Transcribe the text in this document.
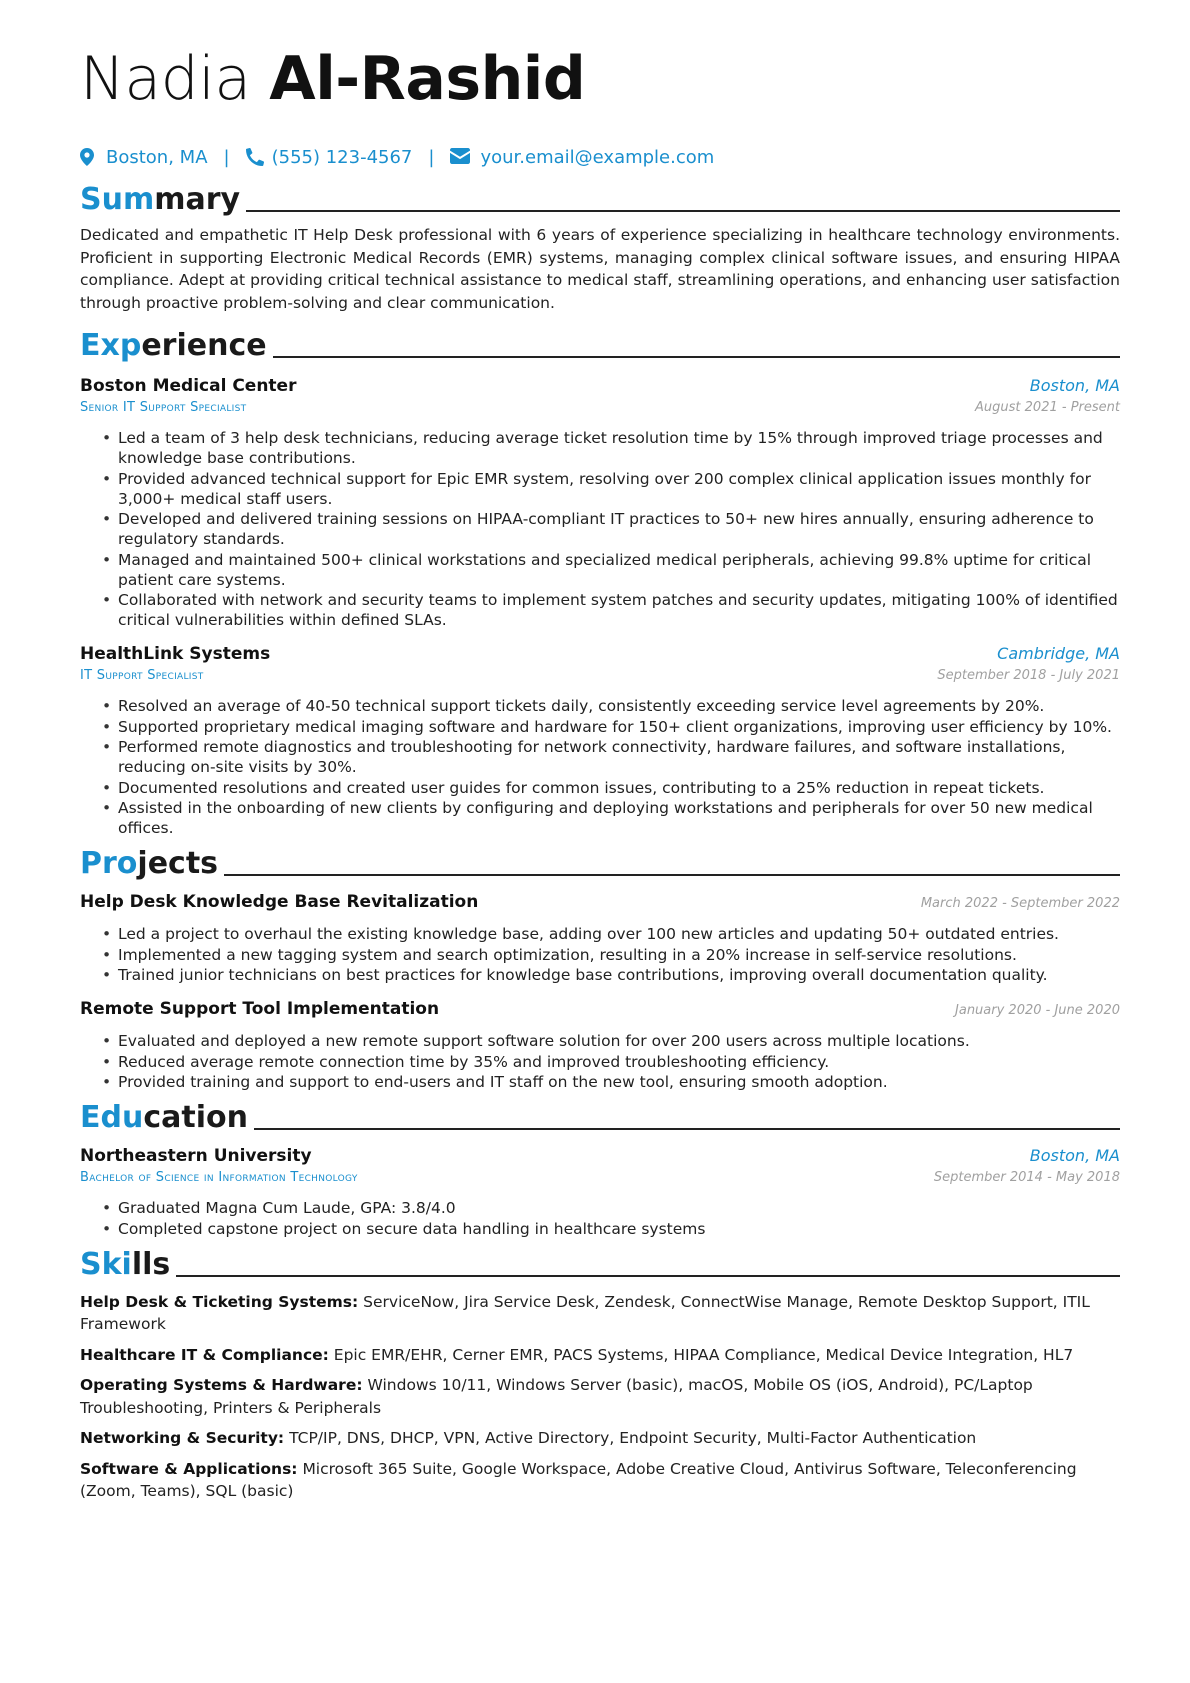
Nadia Al-Rashid
Boston, MA | (555) 123-4567 |	your.email@example.com
Summary
Dedicated and empathetic IT Help Desk professional with 6 years of experience specializing in healthcare technology environments. Proficient in supporting Electronic Medical Records (EMR) systems, managing complex clinical software issues, and ensuring HIPAA compliance. Adept at providing critical technical assistance to medical staff, streamlining operations, and enhancing user satisfaction through proactive problem-solving and clear communication.
Experience
Boston Medical Center	Boston, MA
Senior IT Support Specialist	August 2021 - Present
• Led a team of 3 help desk technicians, reducing average ticket resolution time by 15% through improved triage processes and knowledge base contributions.
• Provided advanced technical support for Epic EMR system, resolving over 200 complex clinical application issues monthly for 3,000+ medical staff users.
• Developed and delivered training sessions on HIPAA-compliant IT practices to 50+ new hires annually, ensuring adherence to regulatory standards.
• Managed and maintained 500+ clinical workstations and specialized medical peripherals, achieving 99.8% uptime for critical patient care systems.
• Collaborated with network and security teams to implement system patches and security updates, mitigating 100% of identified critical vulnerabilities within defined SLAs.
HealthLink Systems	Cambridge, MA
IT Support Specialist	September 2018 - July 2021
• Resolved an average of 40-50 technical support tickets daily, consistently exceeding service level agreements by 20%.
• Supported proprietary medical imaging software and hardware for 150+ client organizations, improving user efficiency by 10%.
• Performed remote diagnostics and troubleshooting for network connectivity, hardware failures, and software installations, reducing on-site visits by 30%.
• Documented resolutions and created user guides for common issues, contributing to a 25% reduction in repeat tickets.
• Assisted in the onboarding of new clients by configuring and deploying workstations and peripherals for over 50 new medical offices.
Projects
Help Desk Knowledge Base Revitalization	March 2022 - September 2022
• Led a project to overhaul the existing knowledge base, adding over 100 new articles and updating 50+ outdated entries.
• Implemented a new tagging system and search optimization, resulting in a 20% increase in self-service resolutions.
• Trained junior technicians on best practices for knowledge base contributions, improving overall documentation quality.
Remote Support Tool Implementation	January 2020 - June 2020
• Evaluated and deployed a new remote support software solution for over 200 users across multiple locations.
• Reduced average remote connection time by 35% and improved troubleshooting efficiency.
• Provided training and support to end-users and IT staff on the new tool, ensuring smooth adoption.
Education
Northeastern University	Boston, MA
Bachelor of Science in Information Technology	September 2014 - May 2018
• Graduated Magna Cum Laude, GPA: 3.8/4.0
• Completed capstone project on secure data handling in healthcare systems
Skills
Help Desk & Ticketing Systems: ServiceNow, Jira Service Desk, Zendesk, ConnectWise Manage, Remote Desktop Support, ITIL Framework
Healthcare IT & Compliance: Epic EMR/EHR, Cerner EMR, PACS Systems, HIPAA Compliance, Medical Device Integration, HL7
Operating Systems & Hardware: Windows 10/11, Windows Server (basic), macOS, Mobile OS (iOS, Android), PC/Laptop Troubleshooting, Printers & Peripherals
Networking & Security: TCP/IP, DNS, DHCP, VPN, Active Directory, Endpoint Security, Multi-Factor Authentication
Software & Applications: Microsoft 365 Suite, Google Workspace, Adobe Creative Cloud, Antivirus Software, Teleconferencing (Zoom, Teams), SQL (basic)
